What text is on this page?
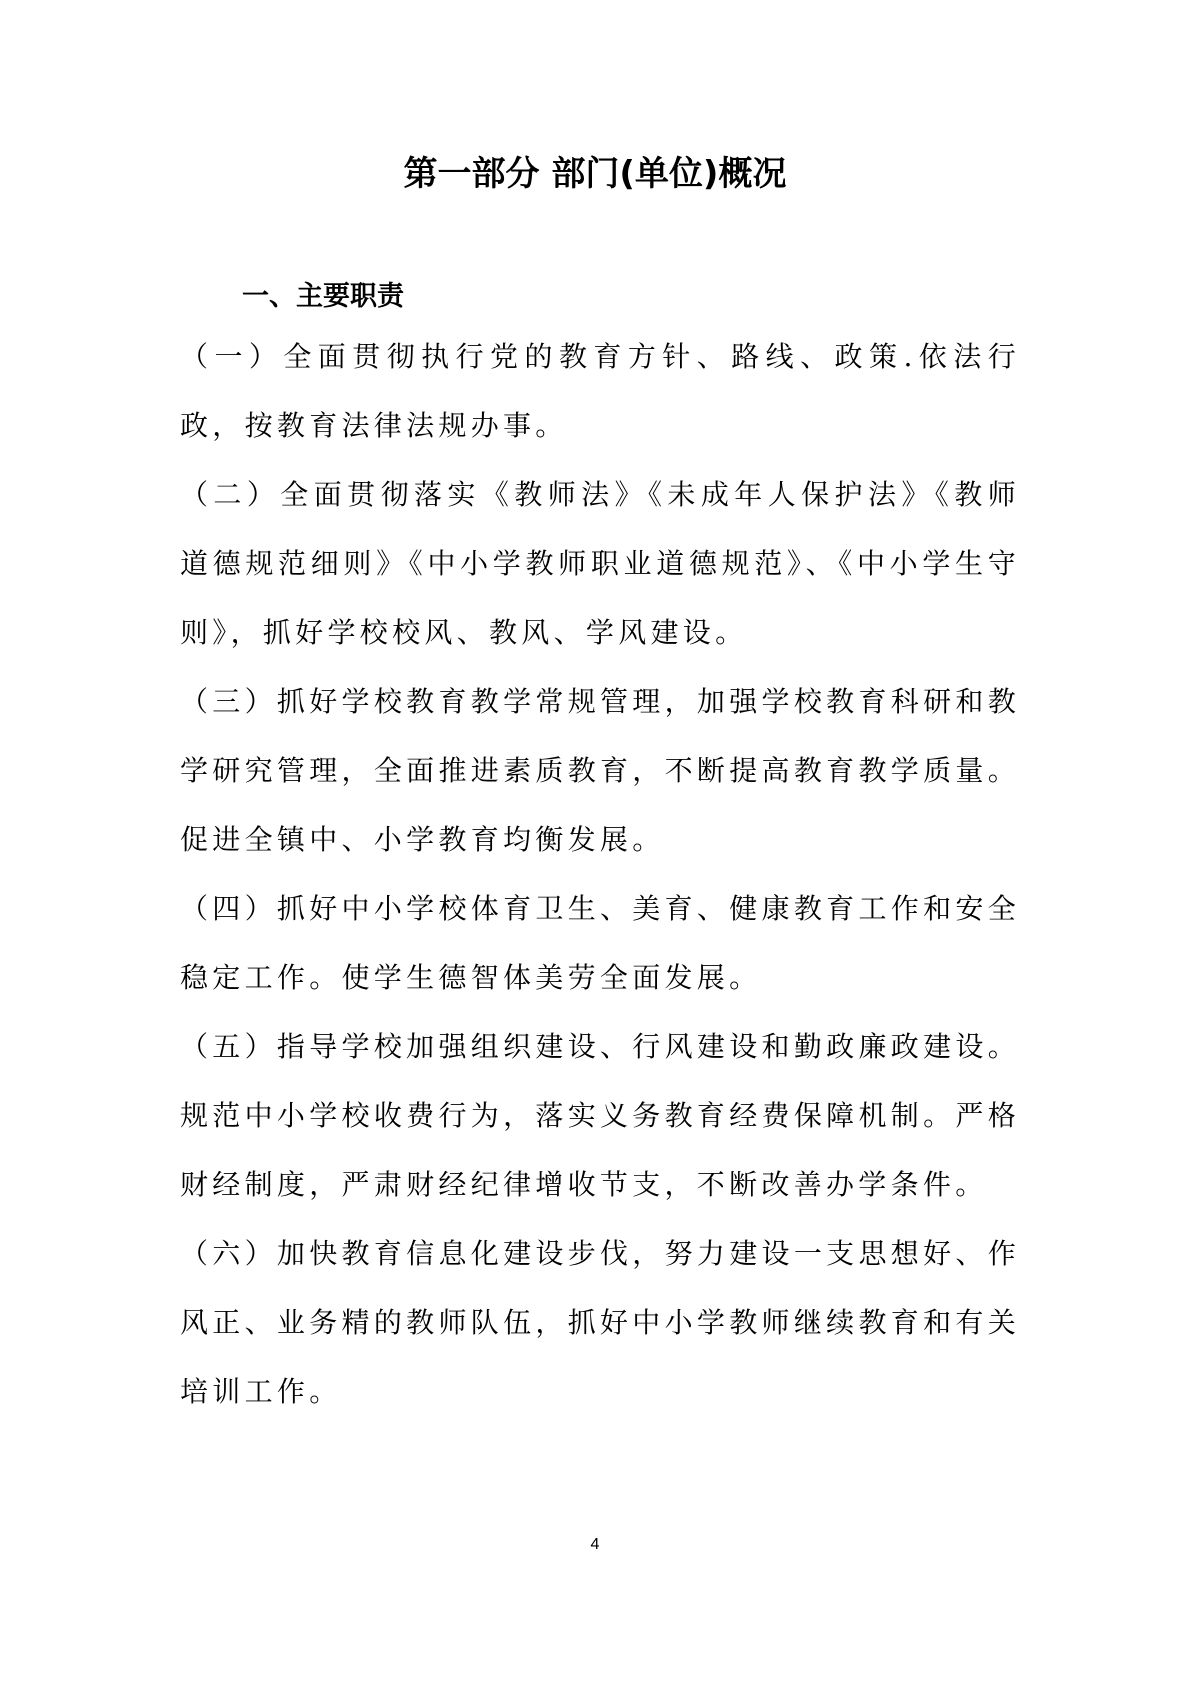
第一部分 部门(单位)概况
一、主要职责

（一）全面贯彻执行党的教育方针、路线、政策.依法行政，按教育法律法规办事。

（二）全面贯彻落实《教师法》《未成年人保护法》《教师道德规范细则》《中小学教师职业道德规范》、《中小学生守则》，抓好学校校风、教风、学风建设。

（三）抓好学校教育教学常规管理，加强学校教育科研和教学研究管理，全面推进素质教育，不断提高教育教学质量。促进全镇中、小学教育均衡发展。

（四）抓好中小学校体育卫生、美育、健康教育工作和安全稳定工作。使学生德智体美劳全面发展。

（五）指导学校加强组织建设、行风建设和勤政廉政建设。规范中小学校收费行为，落实义务教育经费保障机制。严格财经制度，严肃财经纪律增收节支，不断改善办学条件。

（六）加快教育信息化建设步伐，努力建设一支思想好、作风正、业务精的教师队伍，抓好中小学教师继续教育和有关培训工作。

4
